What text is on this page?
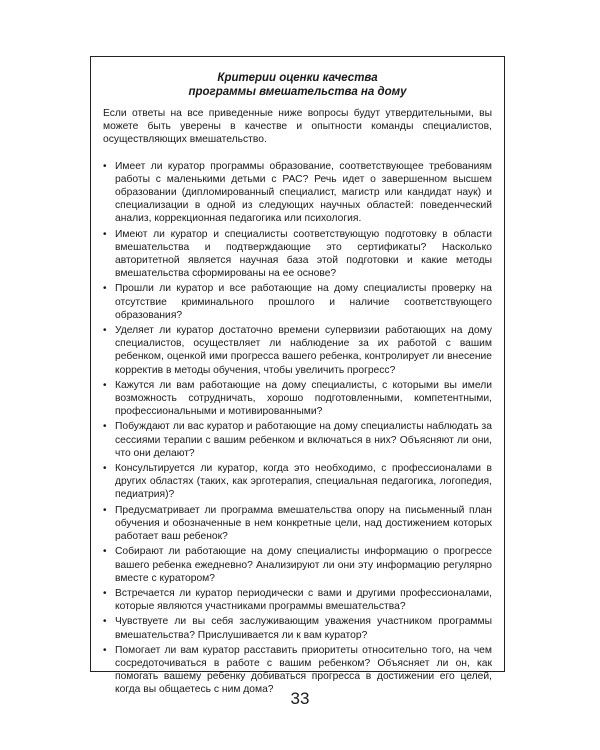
Критерии оценки качества
программы вмешательства на дому

Если ответы на все приведенные ниже вопросы будут утвердительными, вы можете быть уверены в качестве и опытности команды специалистов, осуществляющих вмешательство.

• Имеет ли куратор программы образование, соответствующее требованиям работы с маленькими детьми с РАС? Речь идет о завершенном высшем образовании (дипломированный специалист, магистр или кандидат наук) и специализации в одной из следующих научных областей: поведенческий анализ, коррекционная педагогика или психология.
• Имеют ли куратор и специалисты соответствующую подготовку в области вмешательства и подтверждающие это сертификаты? Насколько авторитетной является научная база этой подготовки и какие методы вмешательства сформированы на ее основе?
• Прошли ли куратор и все работающие на дому специалисты проверку на отсутствие криминального прошлого и наличие соответствующего образования?
• Уделяет ли куратор достаточно времени супервизии работающих на дому специалистов, осуществляет ли наблюдение за их работой с вашим ребенком, оценкой ими прогресса вашего ребенка, контролирует ли внесение корректив в методы обучения, чтобы увеличить прогресс?
• Кажутся ли вам работающие на дому специалисты, с которыми вы имели возможность сотрудничать, хорошо подготовленными, компетентными, профессиональными и мотивированными?
• Побуждают ли вас куратор и работающие на дому специалисты наблюдать за сессиями терапии с вашим ребенком и включаться в них? Объясняют ли они, что они делают?
• Консультируется ли куратор, когда это необходимо, с профессионалами в других областях (таких, как эрготерапия, специальная педагогика, логопедия, педиатрия)?
• Предусматривает ли программа вмешательства опору на письменный план обучения и обозначенные в нем конкретные цели, над достижением которых работает ваш ребенок?
• Собирают ли работающие на дому специалисты информацию о прогрессе вашего ребенка ежедневно? Анализируют ли они эту информацию регулярно вместе с куратором?
• Встречается ли куратор периодически с вами и другими профессионалами, которые являются участниками программы вмешательства?
• Чувствуете ли вы себя заслуживающим уважения участником программы вмешательства? Прислушивается ли к вам куратор?
• Помогает ли вам куратор расставить приоритеты относительно того, на чем сосредоточиваться в работе с вашим ребенком? Объясняет ли он, как помогать вашему ребенку добиваться прогресса в достижении его целей, когда вы общаетесь с ним дома?	33
